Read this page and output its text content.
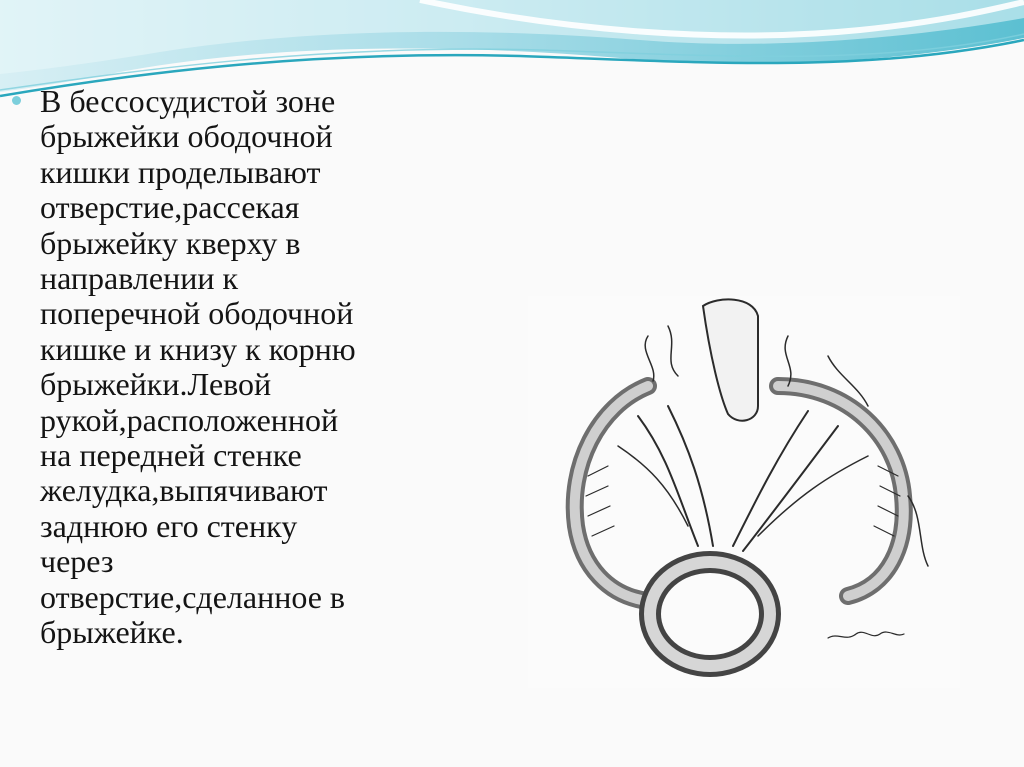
В бессосудистой зоне
брыжейки ободочной
кишки проделывают
отверстие,рассекая
брыжейку кверху в
направлении к
поперечной ободочной
кишке и книзу к корню
брыжейки.Левой
рукой,расположенной
на передней стенке
желудка,выпячивают
заднюю его стенку
через
отверстие,сделанное в
брыжейке.
